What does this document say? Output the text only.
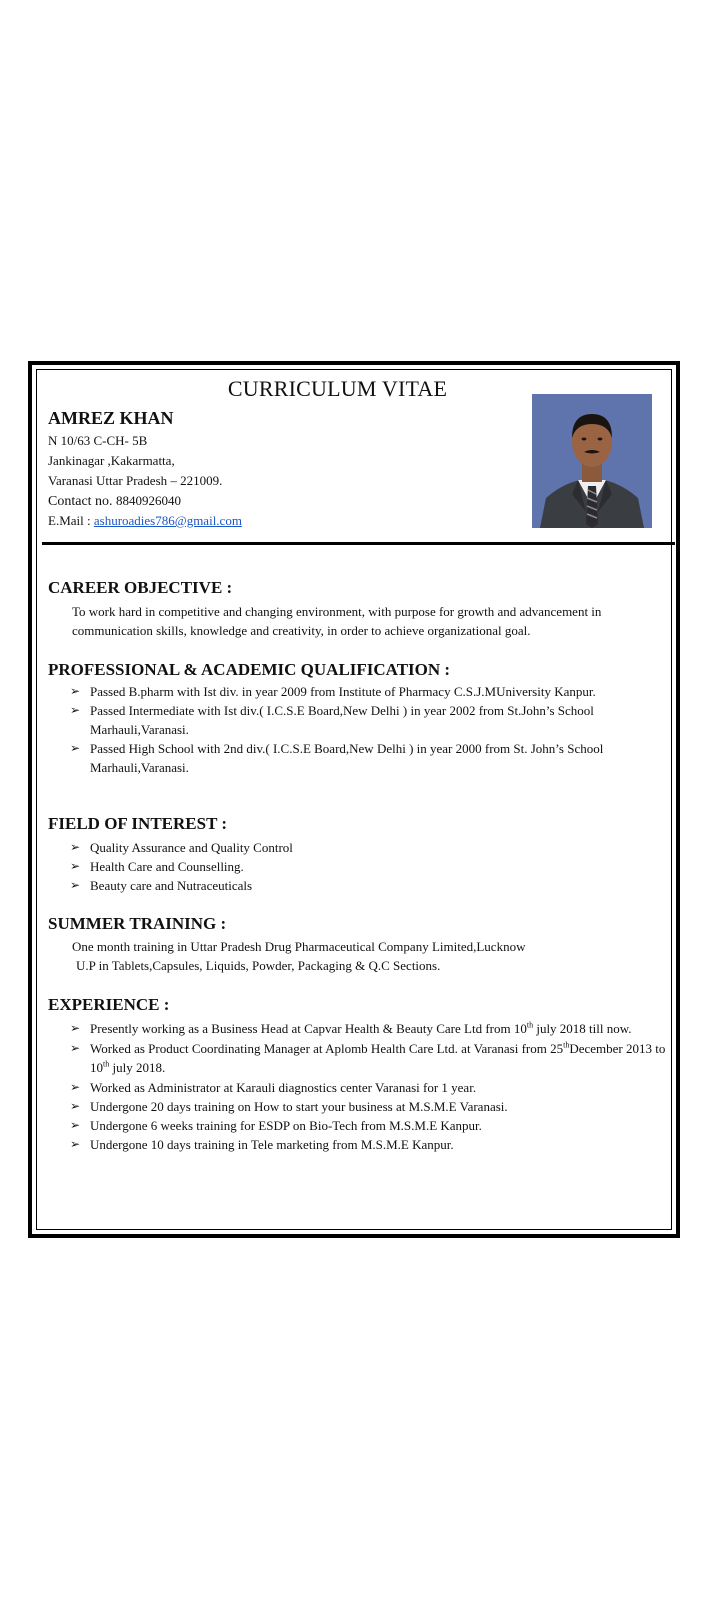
CURRICULUM VITAE
AMREZ KHAN
N 10/63 C-CH- 5B
Jankinagar ,Kakarmatta,
Varanasi Uttar Pradesh – 221009.
Contact no. 8840926040
E.Mail : ashuroadies786@gmail.com
CAREER OBJECTIVE :
To work hard in competitive and changing environment, with purpose for growth and advancement in communication skills, knowledge and creativity, in order to achieve organizational goal.
PROFESSIONAL & ACADEMIC QUALIFICATION :
➢ Passed B.pharm with Ist div. in year 2009 from Institute of Pharmacy C.S.J.MUniversity Kanpur.
➢ Passed Intermediate with Ist div.( I.C.S.E Board,New Delhi ) in year 2002 from St.John’s School Marhauli,Varanasi.
➢ Passed High School with 2nd div.( I.C.S.E Board,New Delhi ) in year 2000 from St. John’s School Marhauli,Varanasi.
FIELD OF INTEREST :
➢ Quality Assurance and Quality Control
➢ Health Care and Counselling.
➢ Beauty care and Nutraceuticals
SUMMER TRAINING :
One month training in Uttar Pradesh Drug Pharmaceutical Company Limited,Lucknow
U.P in Tablets,Capsules, Liquids, Powder, Packaging & Q.C Sections.
EXPERIENCE :
➢ Presently working as a Business Head at Capvar Health & Beauty Care Ltd from 10th july 2018 till now.
➢ Worked as Product Coordinating Manager at Aplomb Health Care Ltd. at Varanasi from 25thDecember 2013 to 10th july 2018.
➢ Worked as Administrator at Karauli diagnostics center Varanasi for 1 year.
➢ Undergone 20 days training on How to start your business at M.S.M.E Varanasi.
➢ Undergone 6 weeks training for ESDP on Bio-Tech from M.S.M.E Kanpur.
➢ Undergone 10 days training in Tele marketing from M.S.M.E Kanpur.
